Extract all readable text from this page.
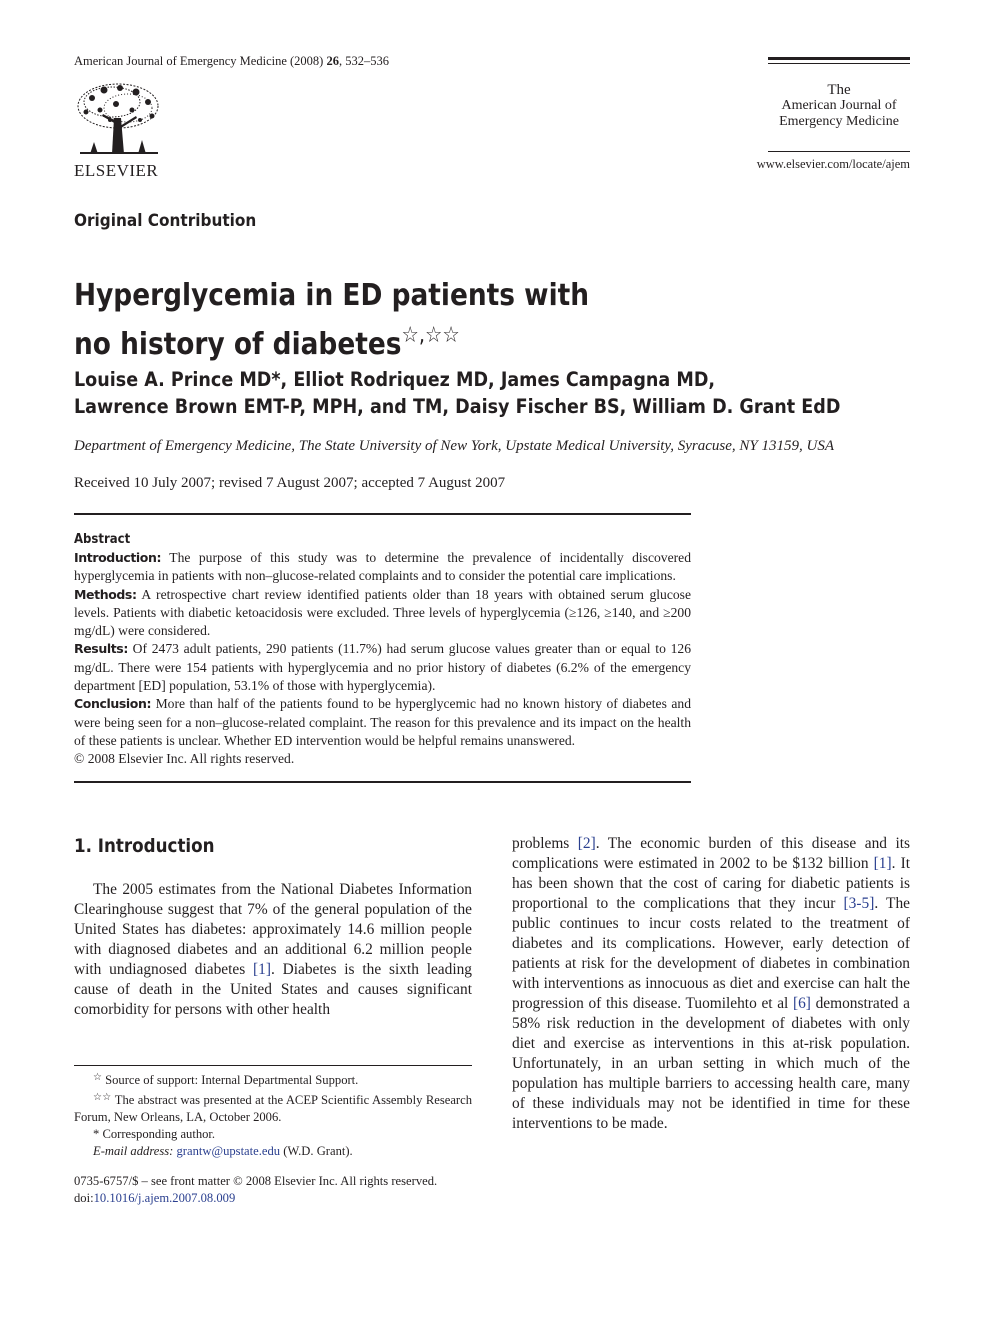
American Journal of Emergency Medicine (2008) 26, 532–536
ELSEVIER
The
American Journal of
Emergency Medicine
www.elsevier.com/locate/ajem
Original Contribution
Hyperglycemia in ED patients with
no history of diabetes☆,☆☆
Louise A. Prince MD*, Elliot Rodriquez MD, James Campagna MD,
Lawrence Brown EMT-P, MPH, and TM, Daisy Fischer BS, William D. Grant EdD
Department of Emergency Medicine, The State University of New York, Upstate Medical University, Syracuse, NY 13159, USA
Received 10 July 2007; revised 7 August 2007; accepted 7 August 2007
Abstract

Introduction: The purpose of this study was to determine the prevalence of incidentally discovered hyperglycemia in patients with non–glucose-related complaints and to consider the potential care implications.

Methods: A retrospective chart review identified patients older than 18 years with obtained serum glucose levels. Patients with diabetic ketoacidosis were excluded. Three levels of hyperglycemia (≥126, ≥140, and ≥200 mg/dL) were considered.

Results: Of 2473 adult patients, 290 patients (11.7%) had serum glucose values greater than or equal to 126 mg/dL. There were 154 patients with hyperglycemia and no prior history of diabetes (6.2% of the emergency department [ED] population, 53.1% of those with hyperglycemia).

Conclusion: More than half of the patients found to be hyperglycemic had no known history of diabetes and were being seen for a non–glucose-related complaint. The reason for this prevalence and its impact on the health of these patients is unclear. Whether ED intervention would be helpful remains unanswered.

© 2008 Elsevier Inc. All rights reserved.

1. Introduction

The 2005 estimates from the National Diabetes Information Clearinghouse suggest that 7% of the general population of the United States has diabetes: approximately 14.6 million people with diagnosed diabetes and an additional 6.2 million people with undiagnosed diabetes [1]. Diabetes is the sixth leading cause of death in the United States and causes significant comorbidity for persons with other health

problems [2]. The economic burden of this disease and its complications were estimated in 2002 to be $132 billion [1]. It has been shown that the cost of caring for diabetic patients is proportional to the complications that they incur [3-5]. The public continues to incur costs related to the treatment of diabetes and its complications. However, early detection of patients at risk for the development of diabetes in combination with interventions as innocuous as diet and exercise can halt the progression of this disease. Tuomilehto et al [6] demonstrated a 58% risk reduction in the development of diabetes with only diet and exercise as interventions in this at-risk population. Unfortunately, in an urban setting in which much of the population has multiple barriers to accessing health care, many of these individuals may not be identified in time for these interventions to be made.

☆ Source of support: Internal Departmental Support.

☆☆ The abstract was presented at the ACEP Scientific Assembly Research Forum, New Orleans, LA, October 2006.

* Corresponding author.

E-mail address: grantw@upstate.edu (W.D. Grant).

0735-6757/$ – see front matter © 2008 Elsevier Inc. All rights reserved.

doi:10.1016/j.ajem.2007.08.009
